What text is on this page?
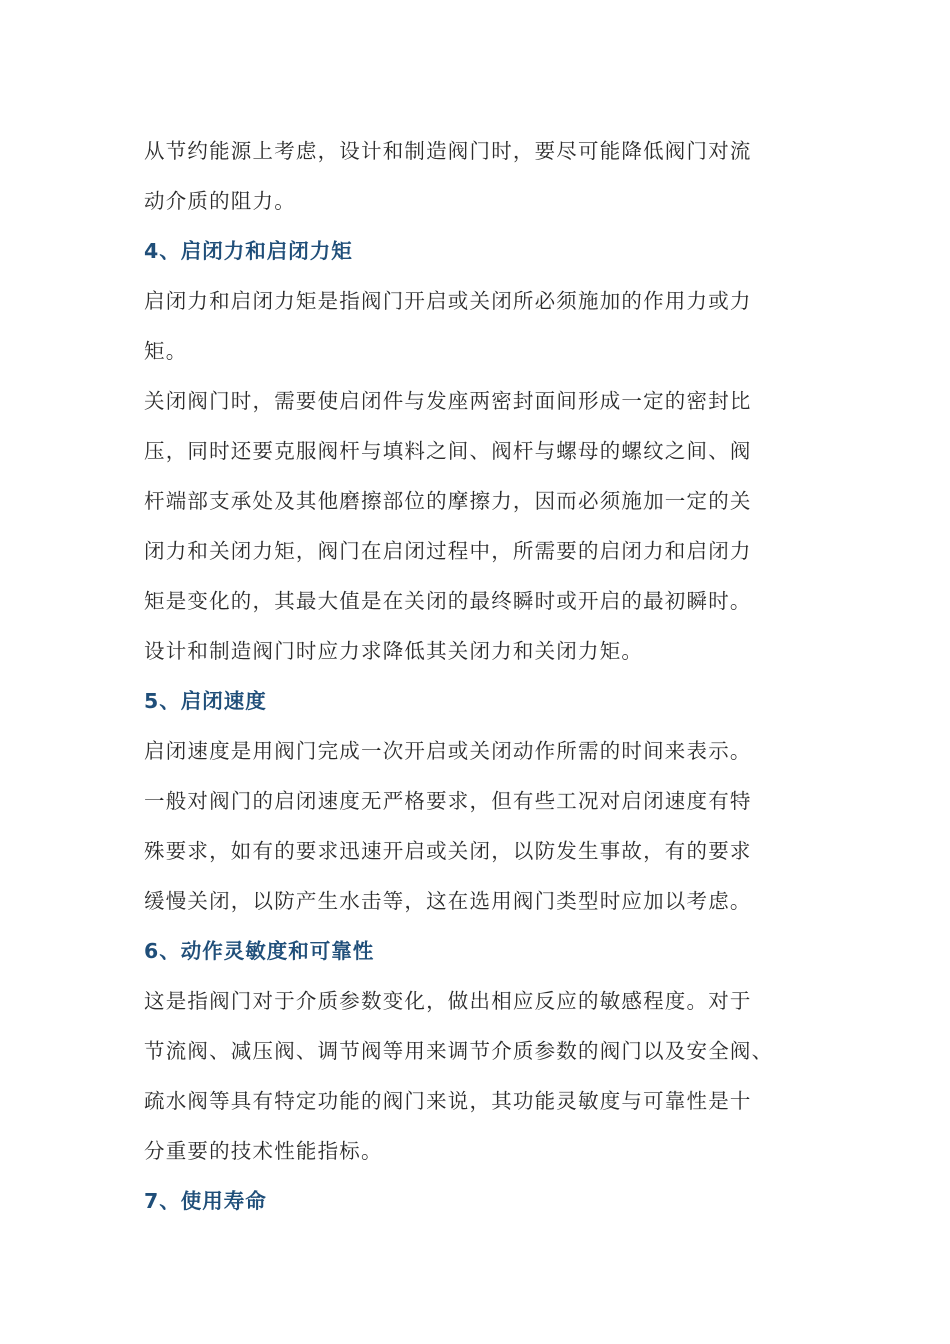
从节约能源上考虑，设计和制造阀门时，要尽可能降低阀门对流
动介质的阻力。

4、启闭力和启闭力矩

启闭力和启闭力矩是指阀门开启或关闭所必须施加的作用力或力
矩。

关闭阀门时，需要使启闭件与发座两密封面间形成一定的密封比
压，同时还要克服阀杆与填料之间、阀杆与螺母的螺纹之间、阀
杆端部支承处及其他磨擦部位的摩擦力，因而必须施加一定的关
闭力和关闭力矩，阀门在启闭过程中，所需要的启闭力和启闭力
矩是变化的，其最大值是在关闭的最终瞬时或开启的最初瞬时。
设计和制造阀门时应力求降低其关闭力和关闭力矩。

5、启闭速度

启闭速度是用阀门完成一次开启或关闭动作所需的时间来表示。
一般对阀门的启闭速度无严格要求，但有些工况对启闭速度有特
殊要求，如有的要求迅速开启或关闭，以防发生事故，有的要求
缓慢关闭，以防产生水击等，这在选用阀门类型时应加以考虑。

6、动作灵敏度和可靠性

这是指阀门对于介质参数变化，做出相应反应的敏感程度。对于
节流阀、减压阀、调节阀等用来调节介质参数的阀门以及安全阀、
疏水阀等具有特定功能的阀门来说，其功能灵敏度与可靠性是十
分重要的技术性能指标。

7、使用寿命
